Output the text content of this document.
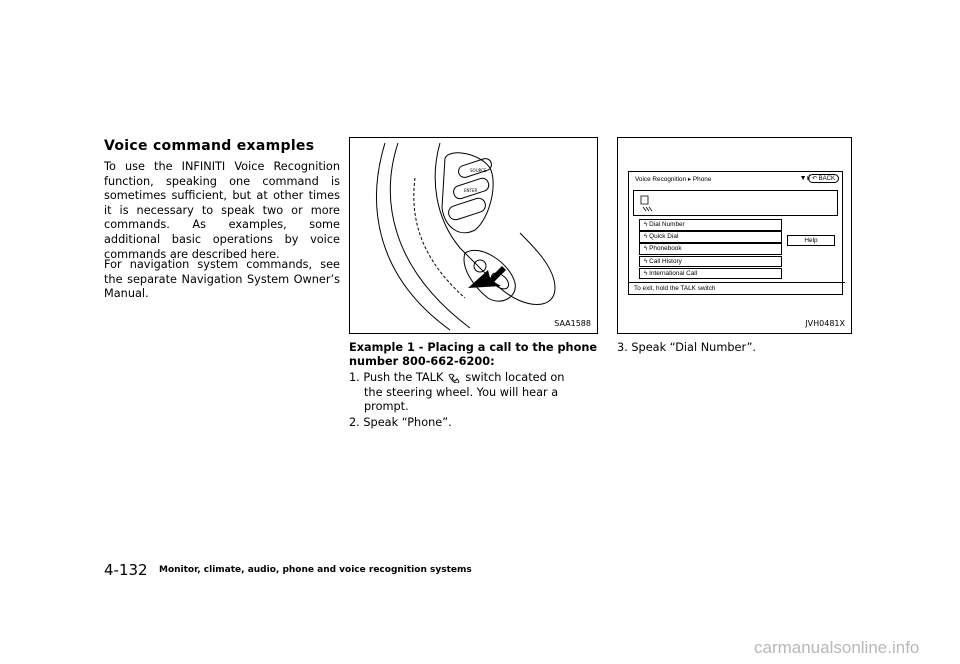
Voice command examples
To use the INFINITI Voice Recognition function, speaking one command is sometimes sufficient, but at other times it is necessary to speak two or more commands. As examples, some additional basic operations by voice commands are described here.
For navigation system commands, see the separate Navigation System Owner’s Manual.
SOURCE
ENTER
SAA1588
Voice Recognition ▸ Phone	▼ıl ↶ BACK
ϟ Dial Number
ϟ Quick Dial
ϟ Phonebook
ϟ Call History
ϟ International Call
Help
To exit, hold the TALK switch
JVH0481X
Example 1 - Placing a call to the phone number 800-662-6200:
1. Push the TALK switch located on
the steering wheel. You will hear a prompt.
2. Speak “Phone”.
3. Speak “Dial Number”.
4-132 Monitor, climate, audio, phone and voice recognition systems
carmanualsonline.info
